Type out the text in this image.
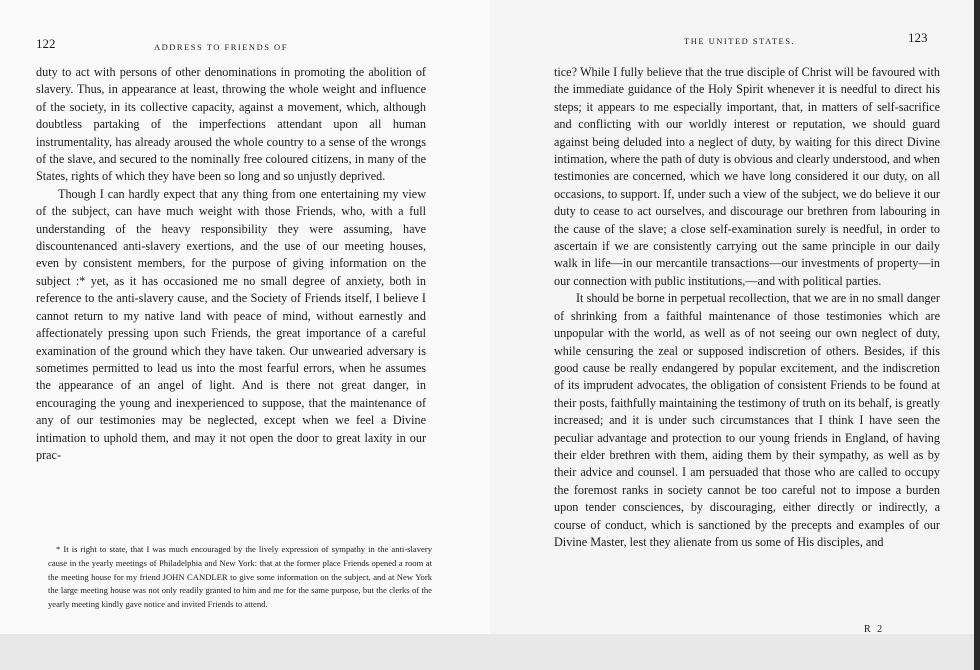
122	ADDRESS TO FRIENDS OF

duty to act with persons of other denominations in promoting the abolition of slavery. Thus, in appearance at least, throwing the whole weight and influence of the society, in its collective capacity, against a movement, which, although doubtless partaking of the imperfections attendant upon all human instrumentality, has already aroused the whole country to a sense of the wrongs of the slave, and secured to the nominally free coloured citizens, in many of the States, rights of which they have been so long and so unjustly deprived.

Though I can hardly expect that any thing from one entertaining my view of the subject, can have much weight with those Friends, who, with a full understanding of the heavy responsibility they were assuming, have discountenanced anti-slavery exertions, and the use of our meeting houses, even by consistent members, for the purpose of giving information on the subject :* yet, as it has occasioned me no small degree of anxiety, both in reference to the anti-slavery cause, and the Society of Friends itself, I believe I cannot return to my native land with peace of mind, without earnestly and affectionately pressing upon such Friends, the great importance of a careful examination of the ground which they have taken. Our unwearied adversary is sometimes permitted to lead us into the most fearful errors, when he assumes the appearance of an angel of light. And is there not great danger, in encouraging the young and inexperienced to suppose, that the maintenance of any of our testimonies may be neglected, except when we feel a Divine intimation to uphold them, and may it not open the door to great laxity in our prac-

* It is right to state, that I was much encouraged by the lively expression of sympathy in the anti-slavery cause in the yearly meetings of Philadelphia and New York: that at the former place Friends opened a room at the meeting house for my friend JOHN CANDLER to give some information on the subject, and at New York the large meeting house was not only readily granted to him and me for the same purpose, but the clerks of the yearly meeting kindly gave notice and invited Friends to attend.

THE UNITED STATES.	123

tice? While I fully believe that the true disciple of Christ will be favoured with the immediate guidance of the Holy Spirit whenever it is needful to direct his steps; it appears to me especially important, that, in matters of self-sacrifice and conflicting with our worldly interest or reputation, we should guard against being deluded into a neglect of duty, by waiting for this direct Divine intimation, where the path of duty is obvious and clearly understood, and when testimonies are concerned, which we have long considered it our duty, on all occasions, to support. If, under such a view of the subject, we do believe it our duty to cease to act ourselves, and discourage our brethren from labouring in the cause of the slave; a close self-examination surely is needful, in order to ascertain if we are consistently carrying out the same principle in our daily walk in life—in our mercantile transactions—our investments of property—in our connection with public institutions,—and with political parties.

It should be borne in perpetual recollection, that we are in no small danger of shrinking from a faithful maintenance of those testimonies which are unpopular with the world, as well as of not seeing our own neglect of duty, while censuring the zeal or supposed indiscretion of others. Besides, if this good cause be really endangered by popular excitement, and the indiscretion of its imprudent advocates, the obligation of consistent Friends to be found at their posts, faithfully maintaining the testimony of truth on its behalf, is greatly increased; and it is under such circumstances that I think I have seen the peculiar advantage and protection to our young friends in England, of having their elder brethren with them, aiding them by their sympathy, as well as by their advice and counsel. I am persuaded that those who are called to occupy the foremost ranks in society cannot be too careful not to impose a burden upon tender consciences, by discouraging, either directly or indirectly, a course of conduct, which is sanctioned by the precepts and examples of our Divine Master, lest they alienate from us some of His disciples, and

R 2
